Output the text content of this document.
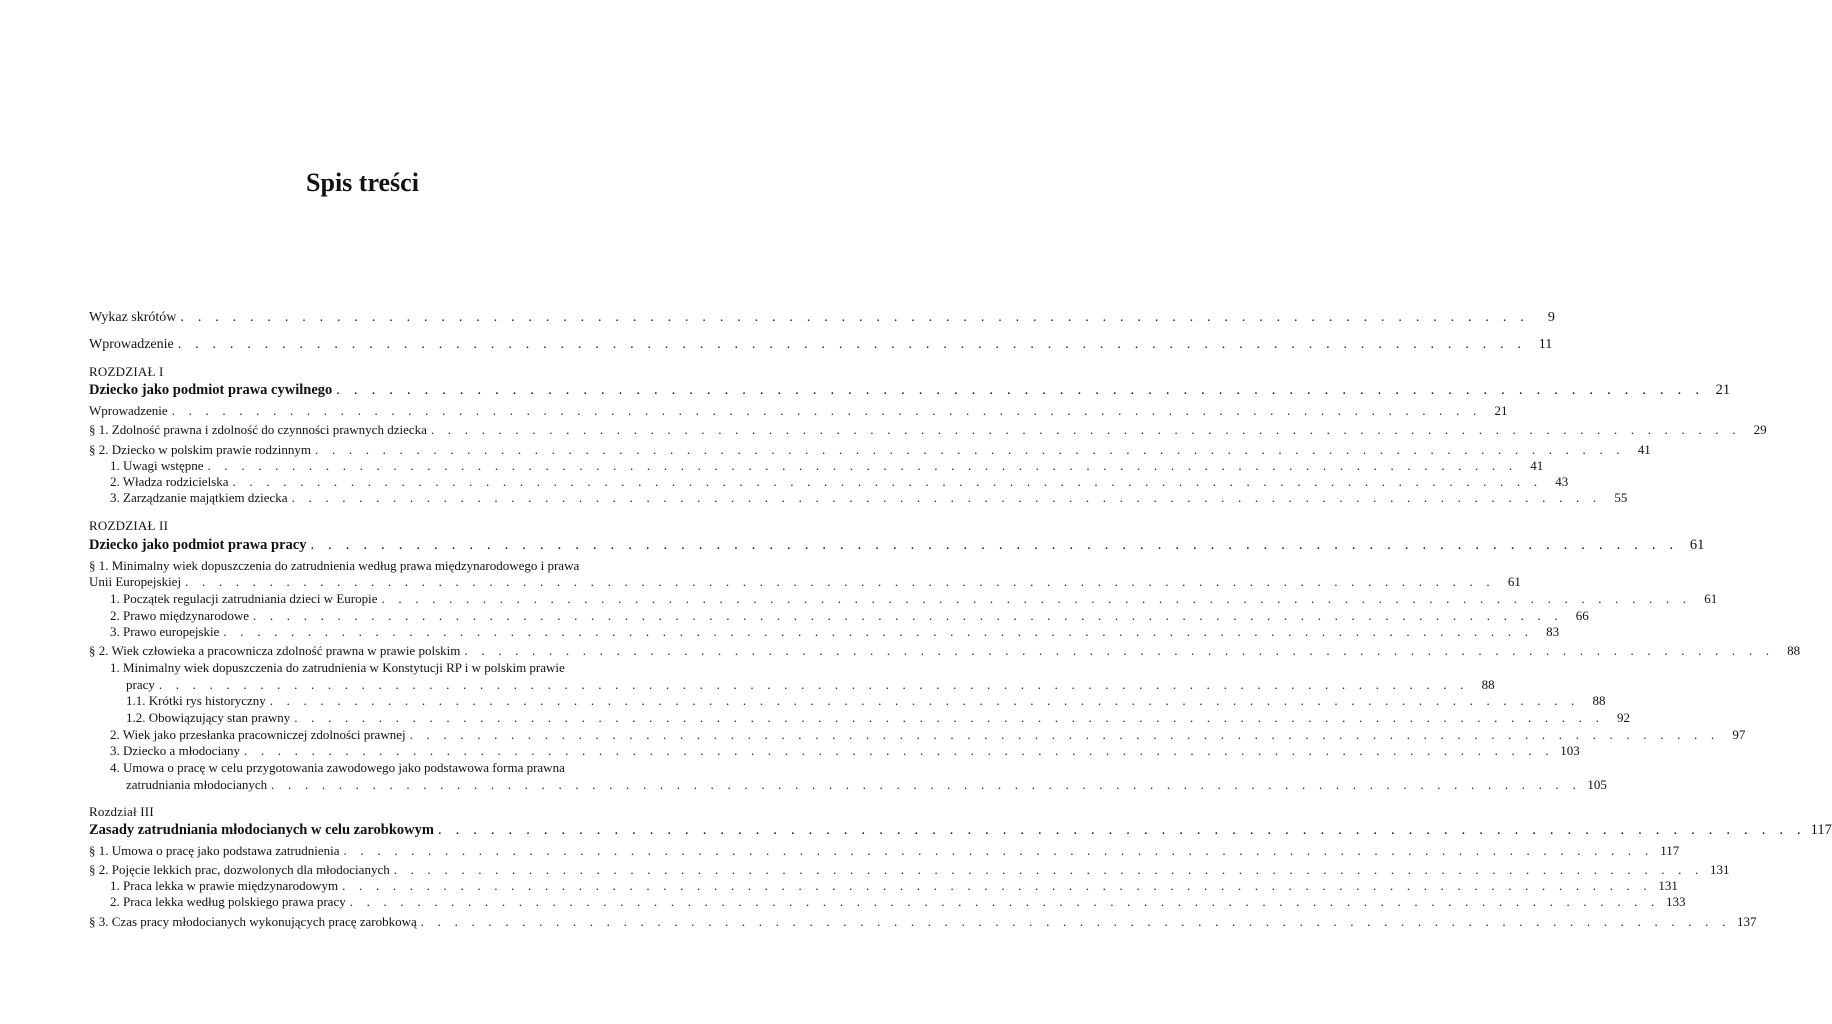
Spis treści
Wykaz skrótów . . . . . . . . . . . . . . . . . . . . . . . . . . . . . . . . . . . . . . . . . . . . . . . . . . . . . . . . . . . . . . . . . . . . . . . . . . . . . .	9
Wprowadzenie . . . . . . . . . . . . . . . . . . . . . . . . . . . . . . . . . . . . . . . . . . . . . . . . . . . . . . . . . . . . . . . . . . . . . . . . . . . . . . 11
ROZDZIAŁ I
Dziecko jako podmiot prawa cywilnego . . . . . . . . . . . . . . . . . . . . . . . . . . . . . . . . . . . . . . . . . . . . . . . . . . . . . . . . . . . . . . . . . . . . . . . . . . . . . . 21
Wprowadzenie . . . . . . . . . . . . . . . . . . . . . . . . . . . . . . . . . . . . . . . . . . . . . . . . . . . . . . . . . . . . . . . . . . . . . . . . . . . . . .	21
§ 1. Zdolność prawna i zdolność do czynności prawnych dziecka . . . . . . . . . . . . . . . . . . . . . . . . . . . . . . . . . . . . . . . . . . . . . . . . . . . . . . . . . . . . . . . . . . . . . . . . . . . . . .	29
§ 2. Dziecko w polskim prawie rodzinnym . . . . . . . . . . . . . . . . . . . . . . . . . . . . . . . . . . . . . . . . . . . . . . . . . . . . . . . . . . . . . . . . . . . . . . . . . . . . . .	41
1. Uwagi wstępne . . . . . . . . . . . . . . . . . . . . . . . . . . . . . . . . . . . . . . . . . . . . . . . . . . . . . . . . . . . . . . . . . . . . . . . . . . . . . .	41
2. Władza rodzicielska . . . . . . . . . . . . . . . . . . . . . . . . . . . . . . . . . . . . . . . . . . . . . . . . . . . . . . . . . . . . . . . . . . . . . . . . . . . . . .	43
3. Zarządzanie majątkiem dziecka . . . . . . . . . . . . . . . . . . . . . . . . . . . . . . . . . . . . . . . . . . . . . . . . . . . . . . . . . . . . . . . . . . . . . . . . . . . . . .	55
ROZDZIAŁ II
Dziecko jako podmiot prawa pracy . . . . . . . . . . . . . . . . . . . . . . . . . . . . . . . . . . . . . . . . . . . . . . . . . . . . . . . . . . . . . . . . . . . . . . . . . . . . . . 61
§ 1. Minimalny wiek dopuszczenia do zatrudnienia według prawa międzynarodowego i prawa
Unii Europejskiej . . . . . . . . . . . . . . . . . . . . . . . . . . . . . . . . . . . . . . . . . . . . . . . . . . . . . . . . . . . . . . . . . . . . . . . . . . . . . .	61
1. Początek regulacji zatrudniania dzieci w Europie . . . . . . . . . . . . . . . . . . . . . . . . . . . . . . . . . . . . . . . . . . . . . . . . . . . . . . . . . . . . . . . . . . . . . . . . . . . . . .	61
2. Prawo międzynarodowe . . . . . . . . . . . . . . . . . . . . . . . . . . . . . . . . . . . . . . . . . . . . . . . . . . . . . . . . . . . . . . . . . . . . . . . . . . . . . .	66
3. Prawo europejskie . . . . . . . . . . . . . . . . . . . . . . . . . . . . . . . . . . . . . . . . . . . . . . . . . . . . . . . . . . . . . . . . . . . . . . . . . . . . . .	83
§ 2. Wiek człowieka a pracownicza zdolność prawna w prawie polskim . . . . . . . . . . . . . . . . . . . . . . . . . . . . . . . . . . . . . . . . . . . . . . . . . . . . . . . . . . . . . . . . . . . . . . . . . . . . . .	88
1. Minimalny wiek dopuszczenia do zatrudnienia w Konstytucji RP i w polskim prawie
pracy . . . . . . . . . . . . . . . . . . . . . . . . . . . . . . . . . . . . . . . . . . . . . . . . . . . . . . . . . . . . . . . . . . . . . . . . . . . . . .	88
1.1. Krótki rys historyczny . . . . . . . . . . . . . . . . . . . . . . . . . . . . . . . . . . . . . . . . . . . . . . . . . . . . . . . . . . . . . . . . . . . . . . . . . . . . . .	88
1.2. Obowiązujący stan prawny . . . . . . . . . . . . . . . . . . . . . . . . . . . . . . . . . . . . . . . . . . . . . . . . . . . . . . . . . . . . . . . . . . . . . . . . . . . . . .	92
2. Wiek jako przesłanka pracowniczej zdolności prawnej . . . . . . . . . . . . . . . . . . . . . . . . . . . . . . . . . . . . . . . . . . . . . . . . . . . . . . . . . . . . . . . . . . . . . . . . . . . . . .	97
3. Dziecko a młodociany . . . . . . . . . . . . . . . . . . . . . . . . . . . . . . . . . . . . . . . . . . . . . . . . . . . . . . . . . . . . . . . . . . . . . . . . . . . . . . 103
4. Umowa o pracę w celu przygotowania zawodowego jako podstawowa forma prawna
zatrudniania młodocianych . . . . . . . . . . . . . . . . . . . . . . . . . . . . . . . . . . . . . . . . . . . . . . . . . . . . . . . . . . . . . . . . . . . . . . . . . . . . . . 105
Rozdział III
Zasady zatrudniania młodocianych w celu zarobkowym . . . . . . . . . . . . . . . . . . . . . . . . . . . . . . . . . . . . . . . . . . . . . . . . . . . . . . . . . . . . . . . . . . . . . . . . . . . . . . 117
§ 1. Umowa o pracę jako podstawa zatrudnienia . . . . . . . . . . . . . . . . . . . . . . . . . . . . . . . . . . . . . . . . . . . . . . . . . . . . . . . . . . . . . . . . . . . . . . . . . . . . . . 117
§ 2. Pojęcie lekkich prac, dozwolonych dla młodocianych . . . . . . . . . . . . . . . . . . . . . . . . . . . . . . . . . . . . . . . . . . . . . . . . . . . . . . . . . . . . . . . . . . . . . . . . . . . . . . 131
1. Praca lekka w prawie międzynarodowym . . . . . . . . . . . . . . . . . . . . . . . . . . . . . . . . . . . . . . . . . . . . . . . . . . . . . . . . . . . . . . . . . . . . . . . . . . . . . . 131
2. Praca lekka według polskiego prawa pracy . . . . . . . . . . . . . . . . . . . . . . . . . . . . . . . . . . . . . . . . . . . . . . . . . . . . . . . . . . . . . . . . . . . . . . . . . . . . . . 133
§ 3. Czas pracy młodocianych wykonujących pracę zarobkową . . . . . . . . . . . . . . . . . . . . . . . . . . . . . . . . . . . . . . . . . . . . . . . . . . . . . . . . . . . . . . . . . . . . . . . . . . . . . . 137
